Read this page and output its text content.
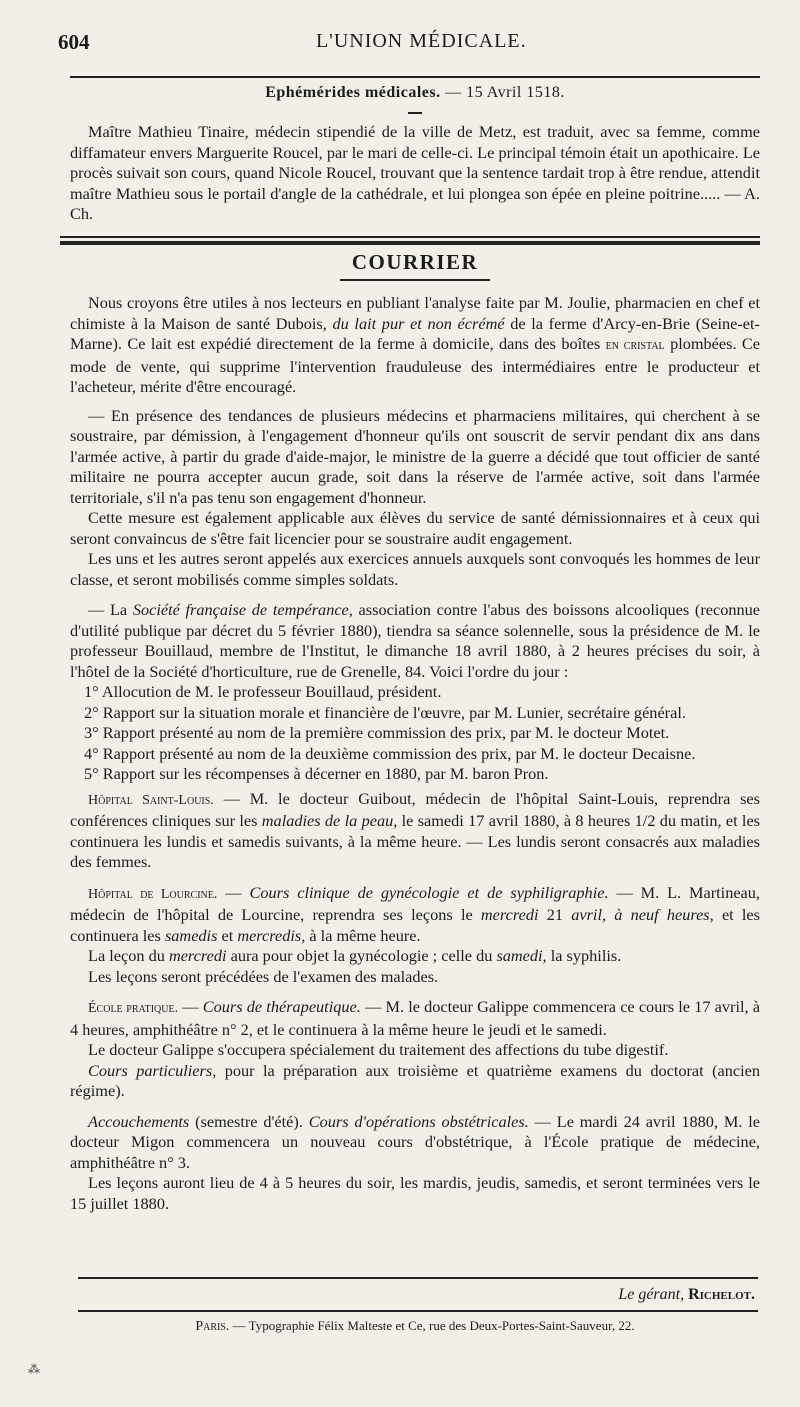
604	L'UNION MÉDICALE.
Ephémérides médicales. — 15 Avril 1518.

Maître Mathieu Tinaire, médecin stipendié de la ville de Metz, est traduit, avec sa femme, comme diffamateur envers Marguerite Roucel, par le mari de celle-ci. Le principal témoin était un apothicaire. Le procès suivait son cours, quand Nicole Roucel, trouvant que la sentence tardait trop à être rendue, attendit maître Mathieu sous le portail d'angle de la cathédrale, et lui plongea son épée en pleine poitrine..... — A. Ch.

COURRIER

Nous croyons être utiles à nos lecteurs en publiant l'analyse faite par M. Joulie, pharmacien en chef et chimiste à la Maison de santé Dubois, du lait pur et non écrémé de la ferme d'Arcy-en-Brie (Seine-et-Marne). Ce lait est expédié directement de la ferme à domicile, dans des boîtes en cristal plombées. Ce mode de vente, qui supprime l'intervention frauduleuse des intermédiaires entre le producteur et l'acheteur, mérite d'être encouragé.

— En présence des tendances de plusieurs médecins et pharmaciens militaires, qui cherchent à se soustraire, par démission, à l'engagement d'honneur qu'ils ont souscrit de servir pendant dix ans dans l'armée active, à partir du grade d'aide-major, le ministre de la guerre a décidé que tout officier de santé militaire ne pourra accepter aucun grade, soit dans la réserve de l'armée active, soit dans l'armée territoriale, s'il n'a pas tenu son engagement d'honneur.

Cette mesure est également applicable aux élèves du service de santé démissionnaires et à ceux qui seront convaincus de s'être fait licencier pour se soustraire audit engagement.

Les uns et les autres seront appelés aux exercices annuels auxquels sont convoqués les hommes de leur classe, et seront mobilisés comme simples soldats.

— La Société française de tempérance, association contre l'abus des boissons alcooliques (reconnue d'utilité publique par décret du 5 février 1880), tiendra sa séance solennelle, sous la présidence de M. le professeur Bouillaud, membre de l'Institut, le dimanche 18 avril 1880, à 2 heures précises du soir, à l'hôtel de la Société d'horticulture, rue de Grenelle, 84. Voici l'ordre du jour :

1° Allocution de M. le professeur Bouillaud, président.

2° Rapport sur la situation morale et financière de l'œuvre, par M. Lunier, secrétaire général.

3° Rapport présenté au nom de la première commission des prix, par M. le docteur Motet.

4° Rapport présenté au nom de la deuxième commission des prix, par M. le docteur Decaisne.

5° Rapport sur les récompenses à décerner en 1880, par M. baron Pron.

Hôpital Saint-Louis. — M. le docteur Guibout, médecin de l'hôpital Saint-Louis, reprendra ses conférences cliniques sur les maladies de la peau, le samedi 17 avril 1880, à 8 heures 1/2 du matin, et les continuera les lundis et samedis suivants, à la même heure. — Les lundis seront consacrés aux maladies des femmes.

Hôpital de Lourcine. — Cours clinique de gynécologie et de syphiligraphie. — M. L. Martineau, médecin de l'hôpital de Lourcine, reprendra ses leçons le mercredi 21 avril, à neuf heures, et les continuera les samedis et mercredis, à la même heure.

La leçon du mercredi aura pour objet la gynécologie ; celle du samedi, la syphilis.

Les leçons seront précédées de l'examen des malades.

École pratique. — Cours de thérapeutique. — M. le docteur Galippe commencera ce cours le 17 avril, à 4 heures, amphithéâtre n° 2, et le continuera à la même heure le jeudi et le samedi.

Le docteur Galippe s'occupera spécialement du traitement des affections du tube digestif.

Cours particuliers, pour la préparation aux troisième et quatrième examens du doctorat (ancien régime).

Accouchements (semestre d'été). Cours d'opérations obstétricales. — Le mardi 24 avril 1880, M. le docteur Migon commencera un nouveau cours d'obstétrique, à l'École pratique de médecine, amphithéâtre n° 3.

Les leçons auront lieu de 4 à 5 heures du soir, les mardis, jeudis, samedis, et seront terminées vers le 15 juillet 1880.

Le gérant, Richelot.
Paris. — Typographie Félix Malteste et Ce, rue des Deux-Portes-Saint-Sauveur, 22.
⁂
